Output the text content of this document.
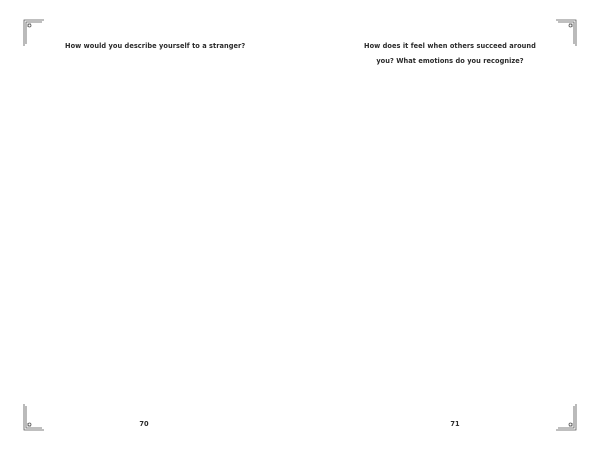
How would you describe yourself to a stranger?

70

How does it feel when others succeed around you? What emotions do you recognize?

71
